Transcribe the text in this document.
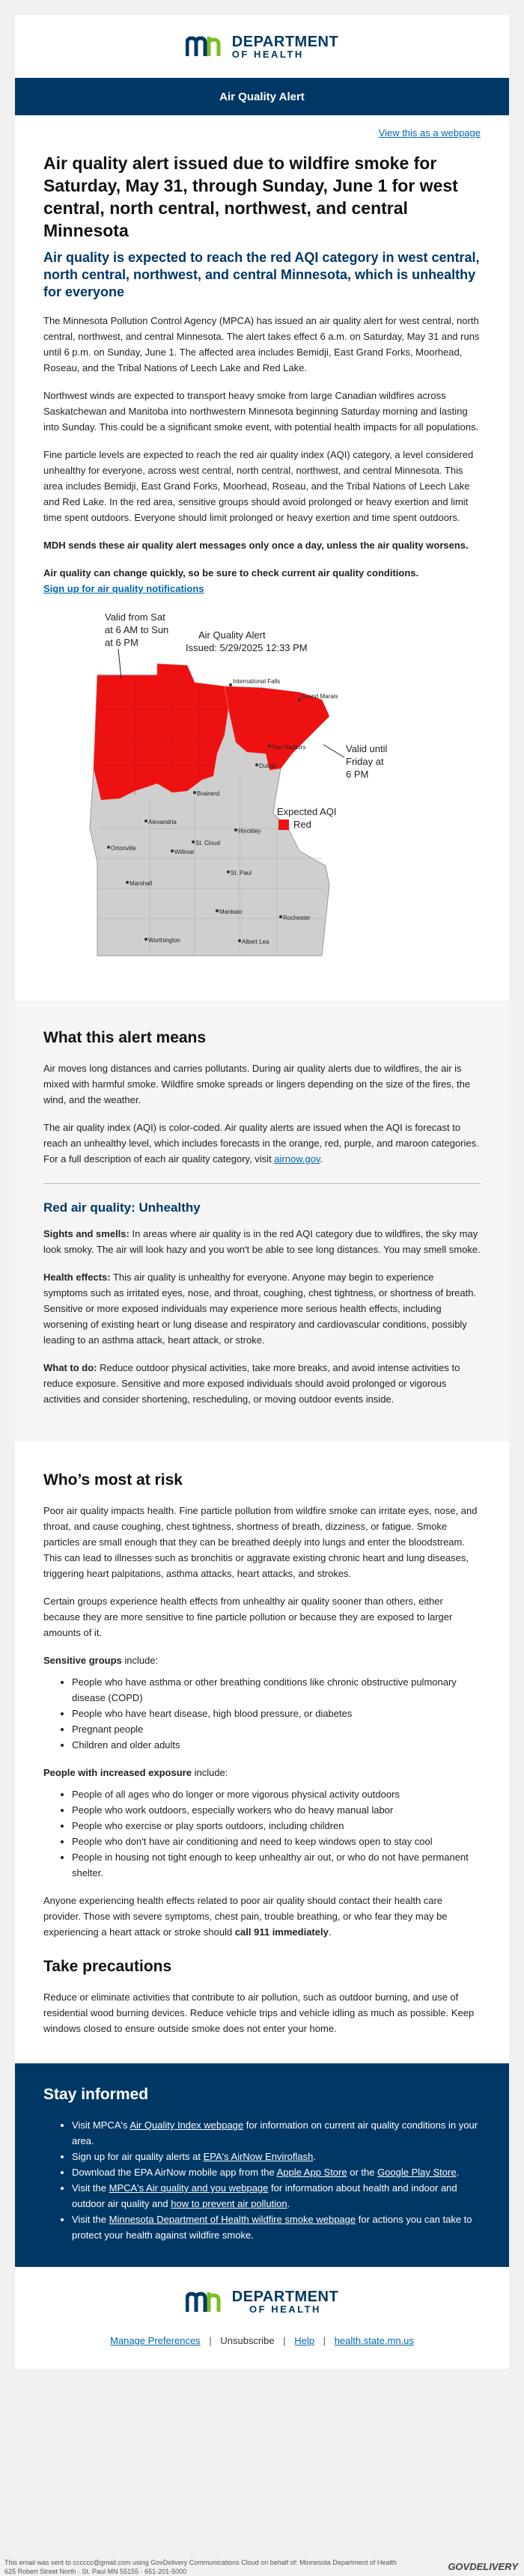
DEPARTMENT
OF HEALTH
Air Quality Alert
View this as a webpage
Air quality alert issued due to wildfire smoke for Saturday, May 31, through Sunday, June 1 for west central, north central, northwest, and central Minnesota
Air quality is expected to reach the red AQI category in west central, north central, northwest, and central Minnesota, which is unhealthy for everyone

The Minnesota Pollution Control Agency (MPCA) has issued an air quality alert for west central, north central, northwest, and central Minnesota. The alert takes effect 6 a.m. on Saturday, May 31 and runs until 6 p.m. on Sunday, June 1. The affected area includes Bemidji, East Grand Forks, Moorhead, Roseau, and the Tribal Nations of Leech Lake and Red Lake.

Northwest winds are expected to transport heavy smoke from large Canadian wildfires across Saskatchewan and Manitoba into northwestern Minnesota beginning Saturday morning and lasting into Sunday. This could be a significant smoke event, with potential health impacts for all populations.

Fine particle levels are expected to reach the red air quality index (AQI) category, a level considered unhealthy for everyone, across west central, north central, northwest, and central Minnesota. This area includes Bemidji, East Grand Forks, Moorhead, Roseau, and the Tribal Nations of Leech Lake and Red Lake. In the red area, sensitive groups should avoid prolonged or heavy exertion and limit time spent outdoors. Everyone should limit prolonged or heavy exertion and time spent outdoors.

MDH sends these air quality alert messages only once a day, unless the air quality worsens.

Air quality can change quickly, so be sure to check current air quality conditions.
Sign up for air quality notifications

International Falls
Grand Marais
Two Harbors
Duluth
Brainerd
Hinckley
Alexandria
St. Cloud
Ortonville
Willmar
St. Paul
Marshall
Mankato
Rochester
Worthington	Albert Lea
Valid from Sat
at 6 AM to Sun
at 6 PM
Air Quality Alert
Issued: 5/29/2025 12:33 PM
Valid until
Friday at
6 PM
Expected AQI
Red
What this alert means

Air moves long distances and carries pollutants. During air quality alerts due to wildfires, the air is mixed with harmful smoke. Wildfire smoke spreads or lingers depending on the size of the fires, the wind, and the weather.

The air quality index (AQI) is color-coded. Air quality alerts are issued when the AQI is forecast to reach an unhealthy level, which includes forecasts in the orange, red, purple, and maroon categories. For a full description of each air quality category, visit airnow.gov.

Red air quality: Unhealthy

Sights and smells: In areas where air quality is in the red AQI category due to wildfires, the sky may look smoky. The air will look hazy and you won't be able to see long distances. You may smell smoke.

Health effects: This air quality is unhealthy for everyone. Anyone may begin to experience symptoms such as irritated eyes, nose, and throat, coughing, chest tightness, or shortness of breath. Sensitive or more exposed individuals may experience more serious health effects, including worsening of existing heart or lung disease and respiratory and cardiovascular conditions, possibly leading to an asthma attack, heart attack, or stroke.

What to do: Reduce outdoor physical activities, take more breaks, and avoid intense activities to reduce exposure. Sensitive and more exposed individuals should avoid prolonged or vigorous activities and consider shortening, rescheduling, or moving outdoor events inside.

Who’s most at risk

Poor air quality impacts health. Fine particle pollution from wildfire smoke can irritate eyes, nose, and throat, and cause coughing, chest tightness, shortness of breath, dizziness, or fatigue. Smoke particles are small enough that they can be breathed deeply into lungs and enter the bloodstream. This can lead to illnesses such as bronchitis or aggravate existing chronic heart and lung diseases, triggering heart palpitations, asthma attacks, heart attacks, and strokes.

Certain groups experience health effects from unhealthy air quality sooner than others, either because they are more sensitive to fine particle pollution or because they are exposed to larger amounts of it.

Sensitive groups include:

• People who have asthma or other breathing conditions like chronic obstructive pulmonary disease (COPD)
• People who have heart disease, high blood pressure, or diabetes
• Pregnant people
• Children and older adults

People with increased exposure include:

• People of all ages who do longer or more vigorous physical activity outdoors
• People who work outdoors, especially workers who do heavy manual labor
• People who exercise or play sports outdoors, including children
• People who don't have air conditioning and need to keep windows open to stay cool
• People in housing not tight enough to keep unhealthy air out, or who do not have permanent shelter.

Anyone experiencing health effects related to poor air quality should contact their health care provider. Those with severe symptoms, chest pain, trouble breathing, or who fear they may be experiencing a heart attack or stroke should call 911 immediately.

Take precautions

Reduce or eliminate activities that contribute to air pollution, such as outdoor burning, and use of residential wood burning devices. Reduce vehicle trips and vehicle idling as much as possible. Keep windows closed to ensure outside smoke does not enter your home.

Stay informed
• Visit MPCA's Air Quality Index webpage for information on current air quality conditions in your area.
• Sign up for air quality alerts at EPA's AirNow Enviroflash.
• Download the EPA AirNow mobile app from the Apple App Store or the Google Play Store.
• Visit the MPCA's Air quality and you webpage for information about health and indoor and outdoor air quality and how to prevent air pollution.
• Visit the Minnesota Department of Health wildfire smoke webpage for actions you can take to protect your health against wildfire smoke.
DEPARTMENT
OF HEALTH
Manage Preferences | Unsubscribe | Help | health.state.mn.us
This email was sent to cccccc@gmail.com using GovDelivery Communications Cloud on behalf of: Minnesota Department of Health
625 Robert Street North · St. Paul MN 55155 · 651-201-5000	GOVDELIVERY
